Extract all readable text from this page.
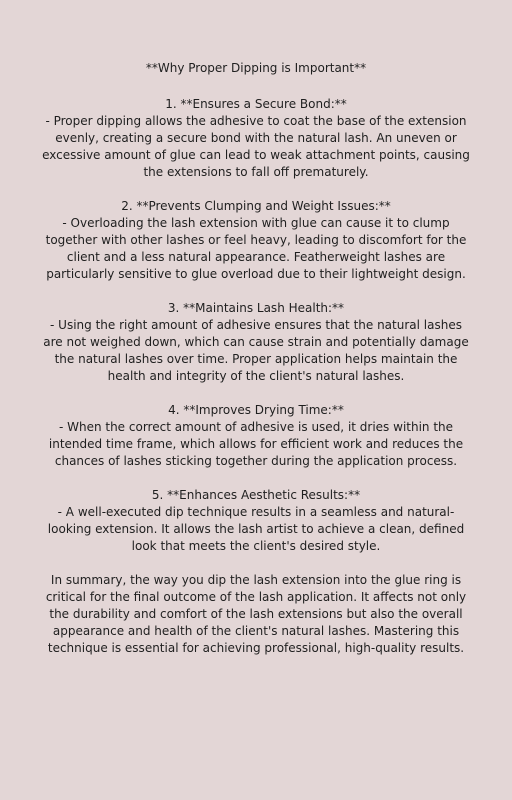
**Why Proper Dipping is Important**

1. **Ensures a Secure Bond:**

- Proper dipping allows the adhesive to coat the base of the extension
evenly, creating a secure bond with the natural lash. An uneven or
excessive amount of glue can lead to weak attachment points, causing
the extensions to fall off prematurely.

2. **Prevents Clumping and Weight Issues:**

- Overloading the lash extension with glue can cause it to clump
together with other lashes or feel heavy, leading to discomfort for the
client and a less natural appearance. Featherweight lashes are
particularly sensitive to glue overload due to their lightweight design.

3. **Maintains Lash Health:**

- Using the right amount of adhesive ensures that the natural lashes
are not weighed down, which can cause strain and potentially damage
the natural lashes over time. Proper application helps maintain the
health and integrity of the client's natural lashes.

4. **Improves Drying Time:**

- When the correct amount of adhesive is used, it dries within the
intended time frame, which allows for efficient work and reduces the
chances of lashes sticking together during the application process.

5. **Enhances Aesthetic Results:**

- A well-executed dip technique results in a seamless and natural-
looking extension. It allows the lash artist to achieve a clean, defined
look that meets the client's desired style.

In summary, the way you dip the lash extension into the glue ring is
critical for the final outcome of the lash application. It affects not only
the durability and comfort of the lash extensions but also the overall
appearance and health of the client's natural lashes. Mastering this
technique is essential for achieving professional, high-quality results.
